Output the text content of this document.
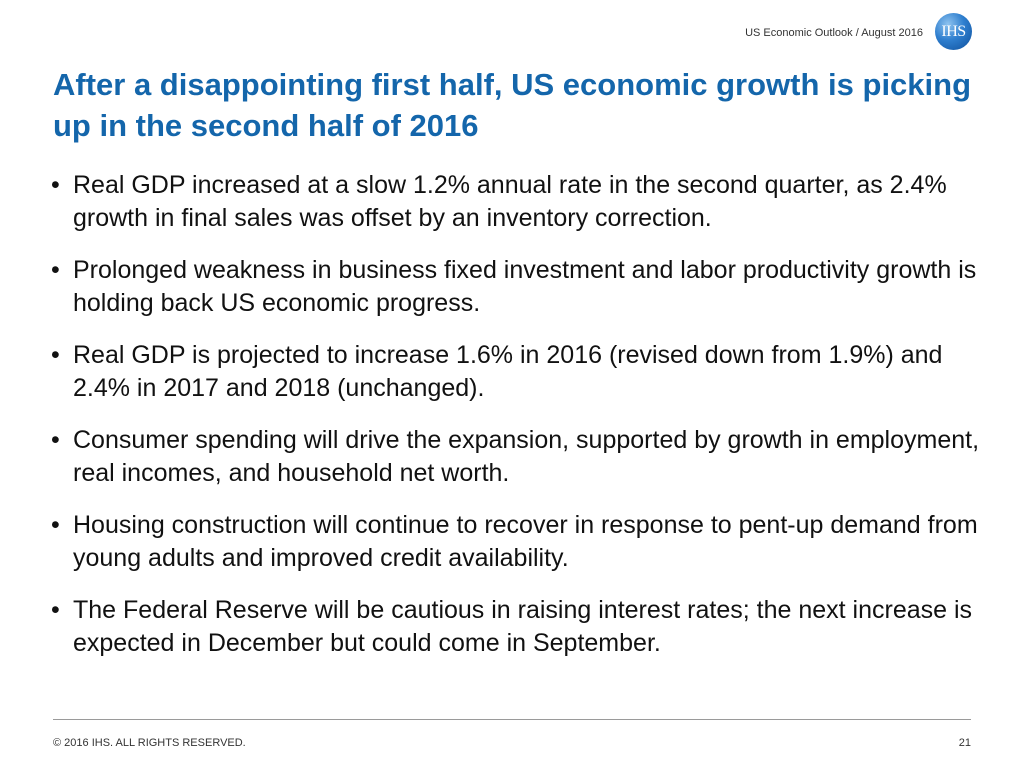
US Economic Outlook / August 2016 IHS
After a disappointing first half, US economic growth is picking up in the second half of 2016
• Real GDP increased at a slow 1.2% annual rate in the second quarter, as 2.4% growth in final sales was offset by an inventory correction.
• Prolonged weakness in business fixed investment and labor productivity growth is holding back US economic progress.
• Real GDP is projected to increase 1.6% in 2016 (revised down from 1.9%) and 2.4% in 2017 and 2018 (unchanged).
• Consumer spending will drive the expansion, supported by growth in employment, real incomes, and household net worth.
• Housing construction will continue to recover in response to pent-up demand from young adults and improved credit availability.
• The Federal Reserve will be cautious in raising interest rates; the next increase is expected in December but could come in September.
© 2016 IHS. ALL RIGHTS RESERVED.	21
